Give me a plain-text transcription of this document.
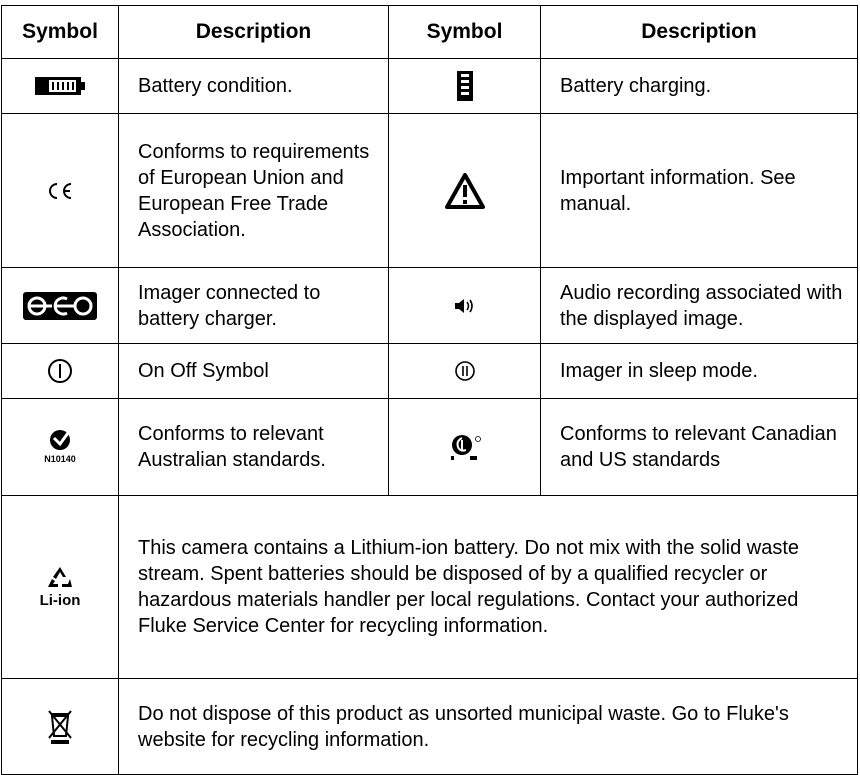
Symbol	Description	Symbol	Description

	Battery condition.		Battery charging.

	Conforms to requirements of European Union and European Free Trade Association.		Important information. See manual.

	Imager connected to battery charger.		Audio recording associated with the displayed image.

	On Off Symbol		Imager in sleep mode.

N10140	Conforms to relevant Australian standards.		Conforms to relevant Canadian and US standards

Li-ion	This camera contains a Lithium-ion battery. Do not mix with the solid waste stream. Spent batteries should be disposed of by a qualified recycler or hazardous materials handler per local regulations. Contact your authorized Fluke Service Center for recycling information.		

	Do not dispose of this product as unsorted municipal waste. Go to Fluke's website for recycling information.		
